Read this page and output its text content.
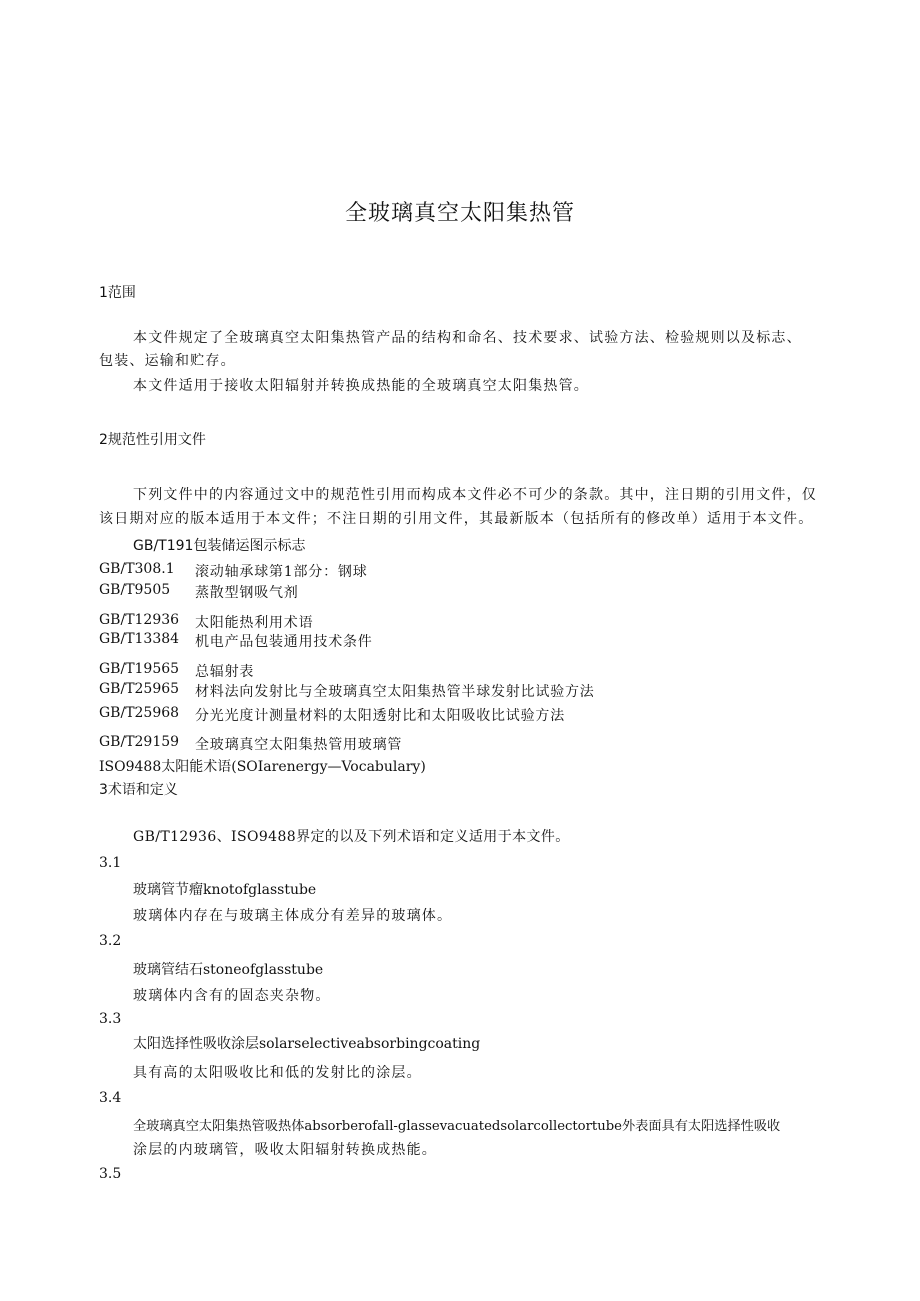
全玻璃真空太阳集热管
1范围
本文件规定了全玻璃真空太阳集热管产品的结构和命名、技术要求、试验方法、检验规则以及标志、
包装、运输和贮存。
本文件适用于接收太阳辐射并转换成热能的全玻璃真空太阳集热管。
2规范性引用文件
下列文件中的内容通过文中的规范性引用而构成本文件必不可少的条款。其中，注日期的引用文件，仅
该日期对应的版本适用于本文件；不注日期的引用文件，其最新版本（包括所有的修改单）适用于本文件。
GB/T191包装储运图示标志
GB/T308.1 滚动轴承球第1部分：钢球
GB/T9505 蒸散型钢吸气剂
GB/T12936 太阳能热利用术语
GB/T13384 机电产品包装通用技术条件
GB/T19565 总辐射表
GB/T25965 材料法向发射比与全玻璃真空太阳集热管半球发射比试验方法
GB/T25968 分光光度计测量材料的太阳透射比和太阳吸收比试验方法
GB/T29159 全玻璃真空太阳集热管用玻璃管
ISO9488太阳能术语(SOIarenergy—Vocabulary)
3术语和定义
GB/T12936、ISO9488界定的以及下列术语和定义适用于本文件。
3.1
玻璃管节瘤knotofglasstube
玻璃体内存在与玻璃主体成分有差异的玻璃体。
3.2
玻璃管结石stoneofglasstube
玻璃体内含有的固态夹杂物。
3.3
太阳选择性吸收涂层solarselectiveabsorbingcoating
具有高的太阳吸收比和低的发射比的涂层。
3.4
全玻璃真空太阳集热管吸热体absorberofall-glassevacuatedsolarcollectortube外表面具有太阳选择性吸收
涂层的内玻璃管，吸收太阳辐射转换成热能。
3.5
